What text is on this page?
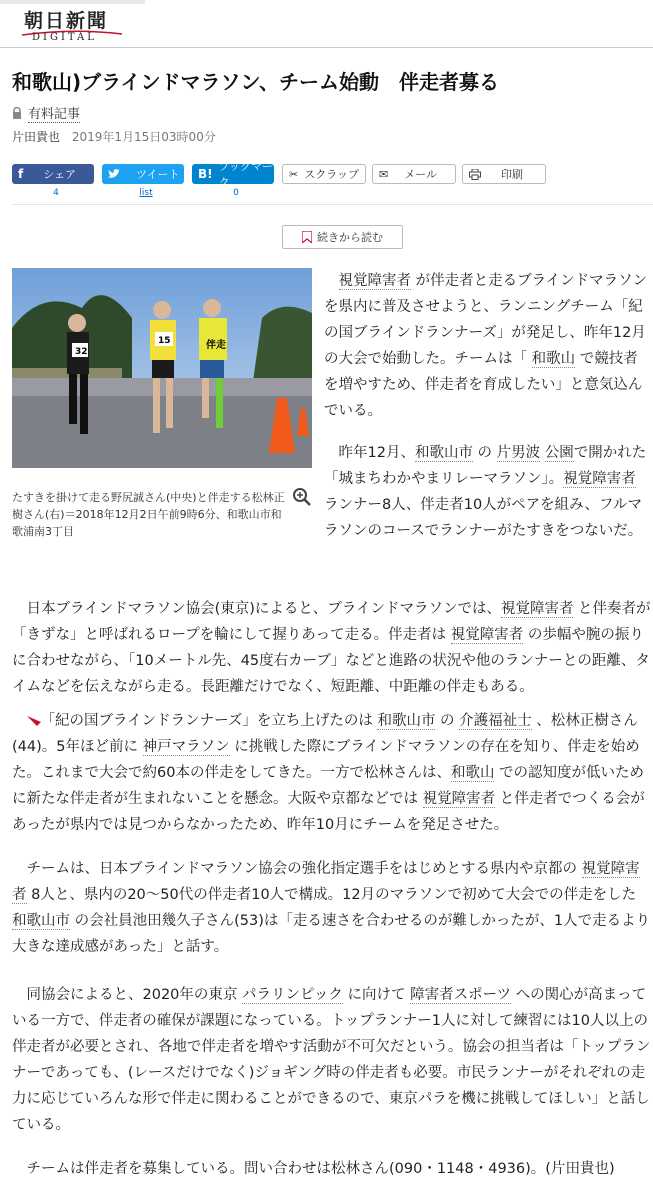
朝日新聞
DIGITAL
和歌山)ブラインドマラソン、チーム始動　伴走者募る
有料記事
片田貴也 2019年1月15日03時00分
f シェア	ツイート B!
ブックマーク
✂ スクラップ ✉ メール	印刷
4	list	0
続きから読む
32
15	伴走
たすきを掛けて走る野尻誠さん(中央)と伴走する松林正樹さん(右)＝2018年12月2日午前9時6分、和歌山市和歌浦南3丁目

視覚障害者 が伴走者と走るブラインドマラソンを県内に普及させようと、ランニングチーム「紀の国ブラインドランナーズ」が発足し、昨年12月の大会で始動した。チームは「 和歌山 で競技者を増やすため、伴走者を育成したい」と意気込んでいる。

昨年12月、和歌山市 の 片男波 公園で開かれた「城まちわかやまリレーマラソン」。視覚障害者 ランナー8人、伴走者10人がペアを組み、フルマラソンのコースでランナーがたすきをつないだ。

日本ブラインドマラソン協会(東京)によると、ブラインドマラソンでは、視覚障害者 と伴奏者が「きずな」と呼ばれるロープを輪にして握りあって走る。伴走者は 視覚障害者 の歩幅や腕の振りに合わせながら、「10メートル先、45度右カーブ」などと進路の状況や他のランナーとの距離、タイムなどを伝えながら走る。長距離だけでなく、短距離、中距離の伴走もある。

「紀の国ブラインドランナーズ」を立ち上げたのは 和歌山市 の 介護福祉士 、松林正樹さん(44)。5年ほど前に 神戸マラソン に挑戦した際にブラインドマラソンの存在を知り、伴走を始めた。これまで大会で約60本の伴走をしてきた。一方で松林さんは、和歌山 での認知度が低いために新たな伴走者が生まれないことを懸念。大阪や京都などでは 視覚障害者 と伴走者でつくる会があったが県内では見つからなかったため、昨年10月にチームを発足させた。

チームは、日本ブラインドマラソン協会の強化指定選手をはじめとする県内や京都の 視覚障害者 8人と、県内の20～50代の伴走者10人で構成。12月のマラソンで初めて大会での伴走をした 和歌山市 の会社員池田幾久子さん(53)は「走る速さを合わせるのが難しかったが、1人で走るより大きな達成感があった」と話す。

同協会によると、2020年の東京 パラリンピック に向けて 障害者スポーツ への関心が高まっている一方で、伴走者の確保が課題になっている。トップランナー1人に対して練習には10人以上の伴走者が必要とされ、各地で伴走者を増やす活動が不可欠だという。協会の担当者は「トップランナーであっても、(レースだけでなく)ジョギング時の伴走者も必要。市民ランナーがそれぞれの走力に応じていろんな形で伴走に関わることができるので、東京パラを機に挑戦してほしい」と話している。

チームは伴走者を募集している。問い合わせは松林さん(090・1148・4936)。(片田貴也)
